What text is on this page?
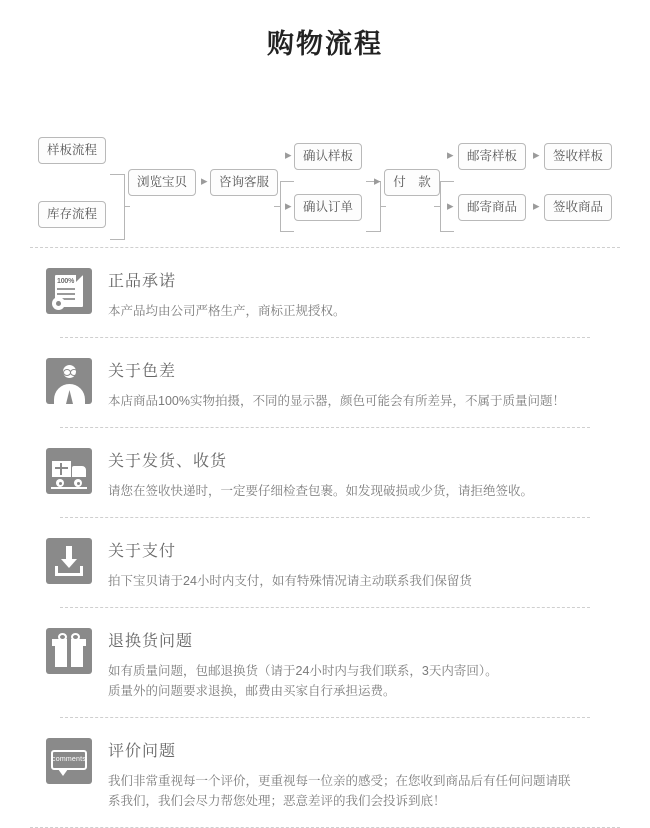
购物流程
样板流程
库存流程
浏览宝贝	咨询客服
确认样板
确认订单
付　款
邮寄样板	签收样板
邮寄商品	签收商品
▸
▸
▸
▸
▸
▸
▸
▸
100% 正品承诺

本产品均由公司严格生产，商标正规授权。

关于色差

本店商品100%实物拍摄，不同的显示器，颜色可能会有所差异，不属于质量问题！

关于发货、收货

请您在签收快递时，一定要仔细检查包裹。如发现破损或少货，请拒绝签收。

关于支付

拍下宝贝请于24小时内支付，如有特殊情况请主动联系我们保留货

退换货问题

如有质量问题，包邮退换货（请于24小时内与我们联系，3天内寄回）。

质量外的问题要求退换，邮费由买家自行承担运费。

comments	评价问题

我们非常重视每一个评价，更重视每一位亲的感受；在您收到商品后有任何问题请联

系我们，我们会尽力帮您处理；恶意差评的我们会投诉到底！
